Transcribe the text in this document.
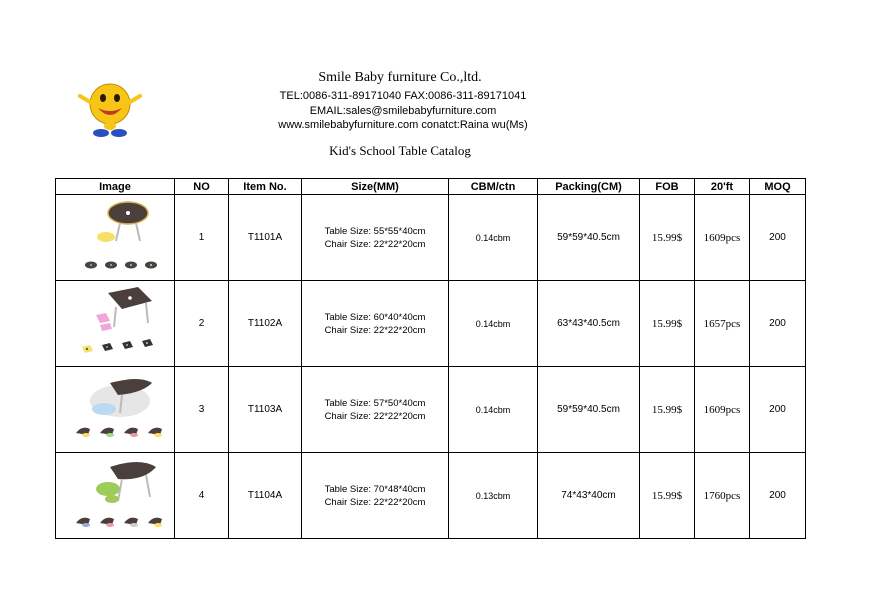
Smile Baby furniture Co.,ltd.
TEL:0086-311-89171040 FAX:0086-311-89171041
EMAIL:sales@smilebabyfurniture.com
www.smilebabyfurniture.com conatct:Raina wu(Ms)
Kid's School Table Catalog
Image	NO	Item No.	Size(MM)	CBM/ctn	Packing(CM)	FOB	20'ft	MOQ

	1	T1101A	Table Size: 55*55*40cm
Chair Size: 22*22*20cm	0.14cbm	59*59*40.5cm	15.99$	1609pcs	200

	2	T1102A	Table Size: 60*40*40cm
Chair Size: 22*22*20cm	0.14cbm	63*43*40.5cm	15.99$	1657pcs	200

	3	T1103A	Table Size: 57*50*40cm
Chair Size: 22*22*20cm	0.14cbm	59*59*40.5cm	15.99$	1609pcs	200

	4	T1104A	Table Size: 70*48*40cm
Chair Size: 22*22*20cm	0.13cbm	74*43*40cm	15.99$	1760pcs	200
